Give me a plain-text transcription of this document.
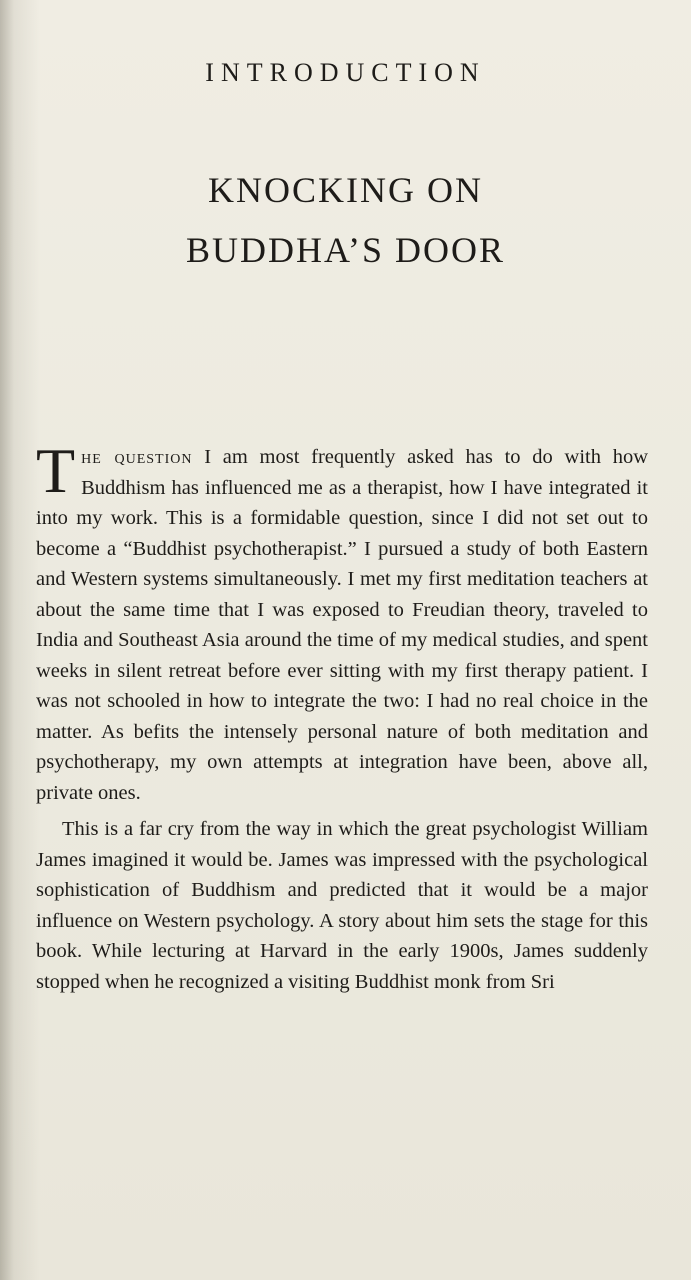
INTRODUCTION
KNOCKING ON
BUDDHA’S DOOR

The question I am most frequently asked has to do with how Buddhism has influenced me as a therapist, how I have integrated it into my work. This is a formidable question, since I did not set out to become a “Buddhist psychotherapist.” I pursued a study of both Eastern and Western systems simultaneously. I met my first meditation teachers at about the same time that I was exposed to Freudian theory, traveled to India and Southeast Asia around the time of my medical studies, and spent weeks in silent retreat before ever sitting with my first therapy patient. I was not schooled in how to integrate the two: I had no real choice in the matter. As befits the intensely personal nature of both meditation and psychotherapy, my own attempts at integration have been, above all, private ones.

This is a far cry from the way in which the great psychologist William James imagined it would be. James was impressed with the psychological sophistication of Buddhism and predicted that it would be a major influence on Western psychology. A story about him sets the stage for this book. While lecturing at Harvard in the early 1900s, James suddenly stopped when he recognized a visiting Buddhist monk from Sri
